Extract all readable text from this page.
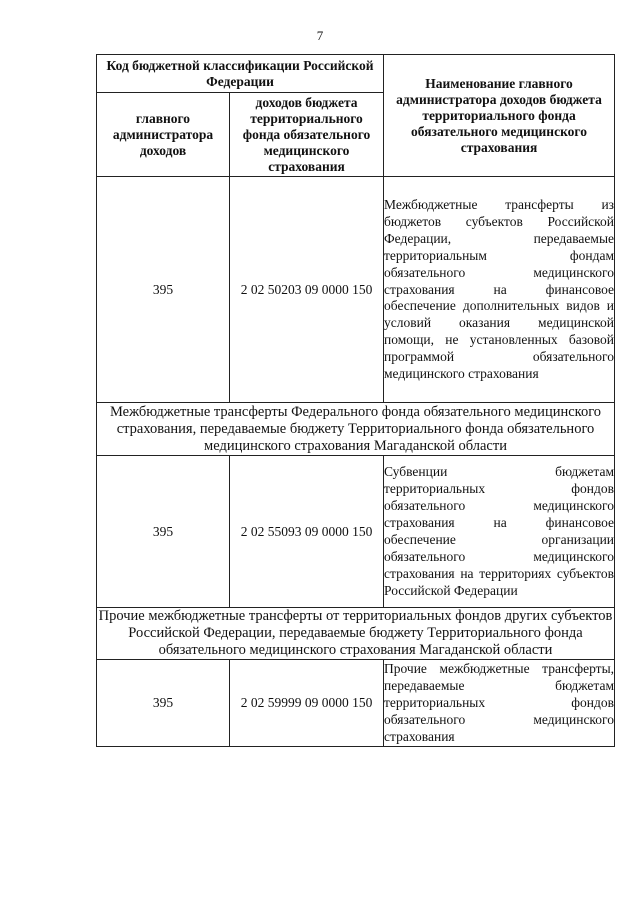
7
Код бюджетной классификации Российской Федерации		Наименование главного администратора доходов бюджета территориального фонда обязательного медицинского страхования
главного администратора доходов	доходов бюджета территориального фонда обязательного медицинского страхования	
395	2 02 50203 09 0000 150	Межбюджетные трансферты из бюджетов субъектов Российской Федерации, передаваемые территориальным фондам обязательного медицинского страхования на финансовое обеспечение дополнительных видов и условий оказания медицинской помощи, не установленных базовой программой обязательного медицинского страхования

Межбюджетные трансферты Федерального фонда обязательного медицинского страхования, передаваемые бюджету Территориального фонда обязательного медицинского страхования Магаданской области		
395	2 02 55093 09 0000 150	Субвенции бюджетам территориальных фондов обязательного медицинского страхования на финансовое обеспечение организации обязательного медицинского страхования на территориях субъектов Российской Федерации

Прочие межбюджетные трансферты от территориальных фондов других субъектов Российской Федерации, передаваемые бюджету Территориального фонда обязательного медицинского страхования Магаданской области		
395	2 02 59999 09 0000 150	Прочие межбюджетные трансферты, передаваемые бюджетам территориальных фондов обязательного медицинского страхования
